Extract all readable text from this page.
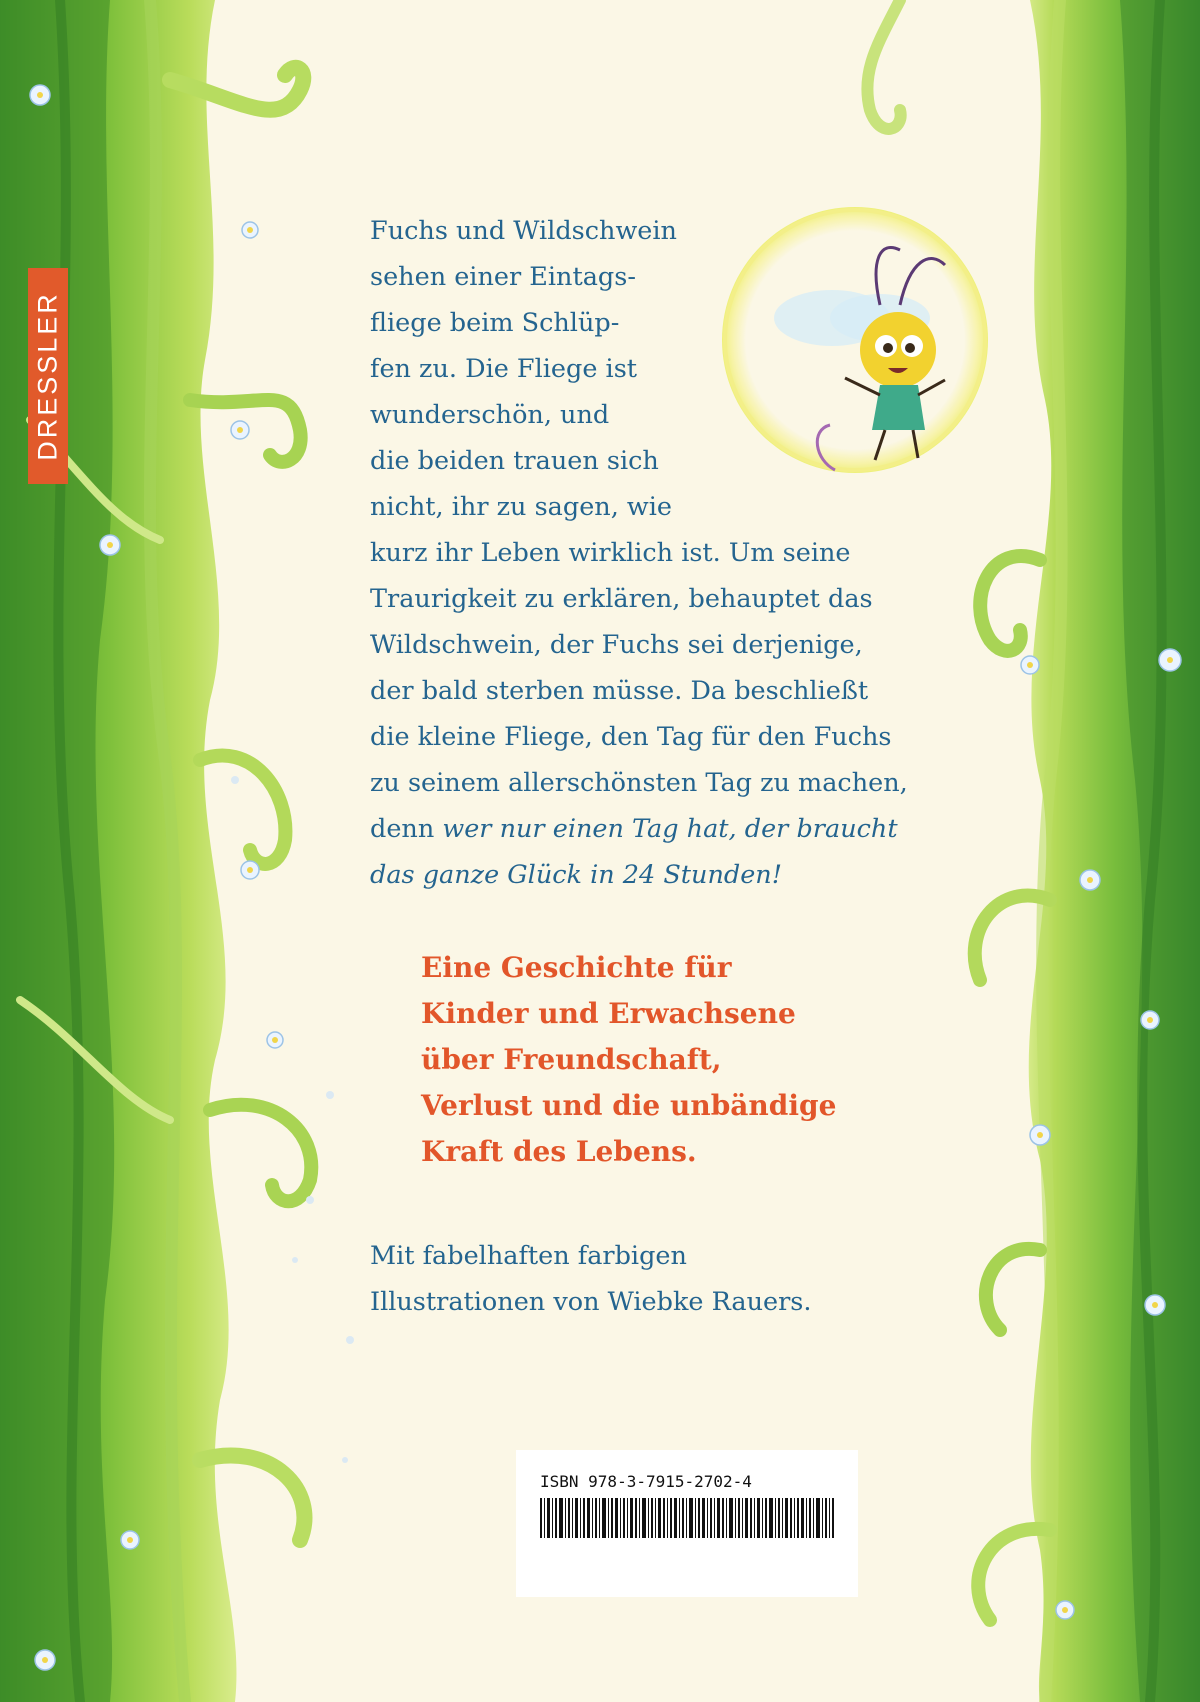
DRESSLER

Fuchs und Wildschwein
sehen einer Eintags-
fliege beim Schlüp-
fen zu. Die Fliege ist
wunderschön, und
die beiden trauen sich
nicht, ihr zu sagen, wie
kurz ihr Leben wirklich ist. Um seine
Traurigkeit zu erklären, behauptet das
Wildschwein, der Fuchs sei derjenige,
der bald sterben müsse. Da beschließt
die kleine Fliege, den Tag für den Fuchs
zu seinem allerschönsten Tag zu machen,
denn wer nur einen Tag hat, der braucht
das ganze Glück in 24 Stunden!

Eine Geschichte für
Kinder und Erwachsene
über Freundschaft,
Verlust und die unbändige
Kraft des Lebens.

Mit fabelhaften farbigen
Illustrationen von Wiebke Rauers.

ISBN 978-3-7915-2702-4
